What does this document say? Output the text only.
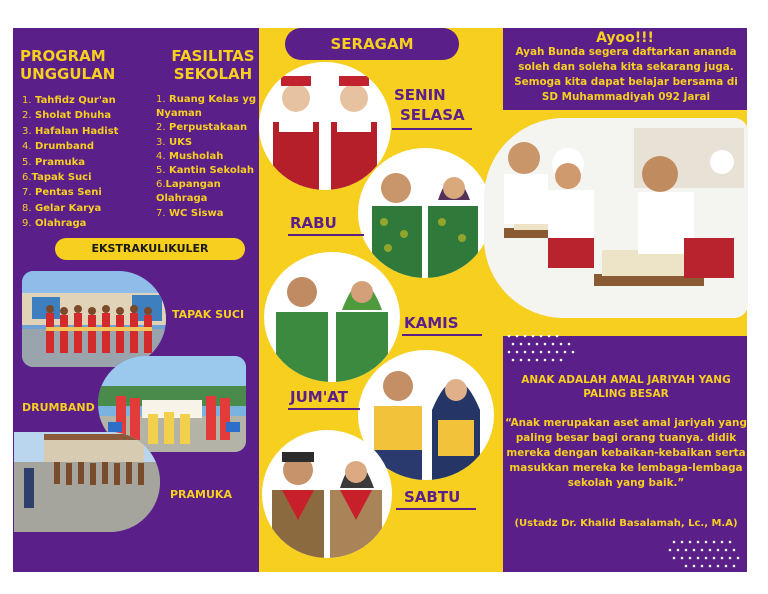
PROGRAM UNGGULAN
FASILITAS SEKOLAH
1. Tahfidz Qur'an
2. Sholat Dhuha
3. Hafalan Hadist
4. Drumband
5. Pramuka
6.Tapak Suci
7. Pentas Seni
8. Gelar Karya
9. Olahraga
1. Ruang Kelas yg Nyaman
2. Perpustakaan
3. UKS
4. Musholah
5. Kantin Sekolah
6.Lapangan Olahraga
7. WC Siswa
EKSTRAKULIKULER
TAPAK SUCI
DRUMBAND
PRAMUKA
SERAGAM
SENIN
SELASA
RABU
KAMIS
JUM'AT
SABTU
Ayoo!!!
Ayah Bunda segera daftarkan ananda soleh dan soleha kita sekarang juga. Semoga kita dapat belajar bersama di SD Muhammadiyah 092 Jarai
ANAK ADALAH AMAL JARIYAH YANG PALING BESAR
“Anak merupakan aset amal jariyah yang paling besar bagi orang tuanya. didik mereka dengan kebaikan-kebaikan serta masukkan mereka ke lembaga-lembaga sekolah yang baik.”
(Ustadz Dr. Khalid Basalamah, Lc., M.A)
